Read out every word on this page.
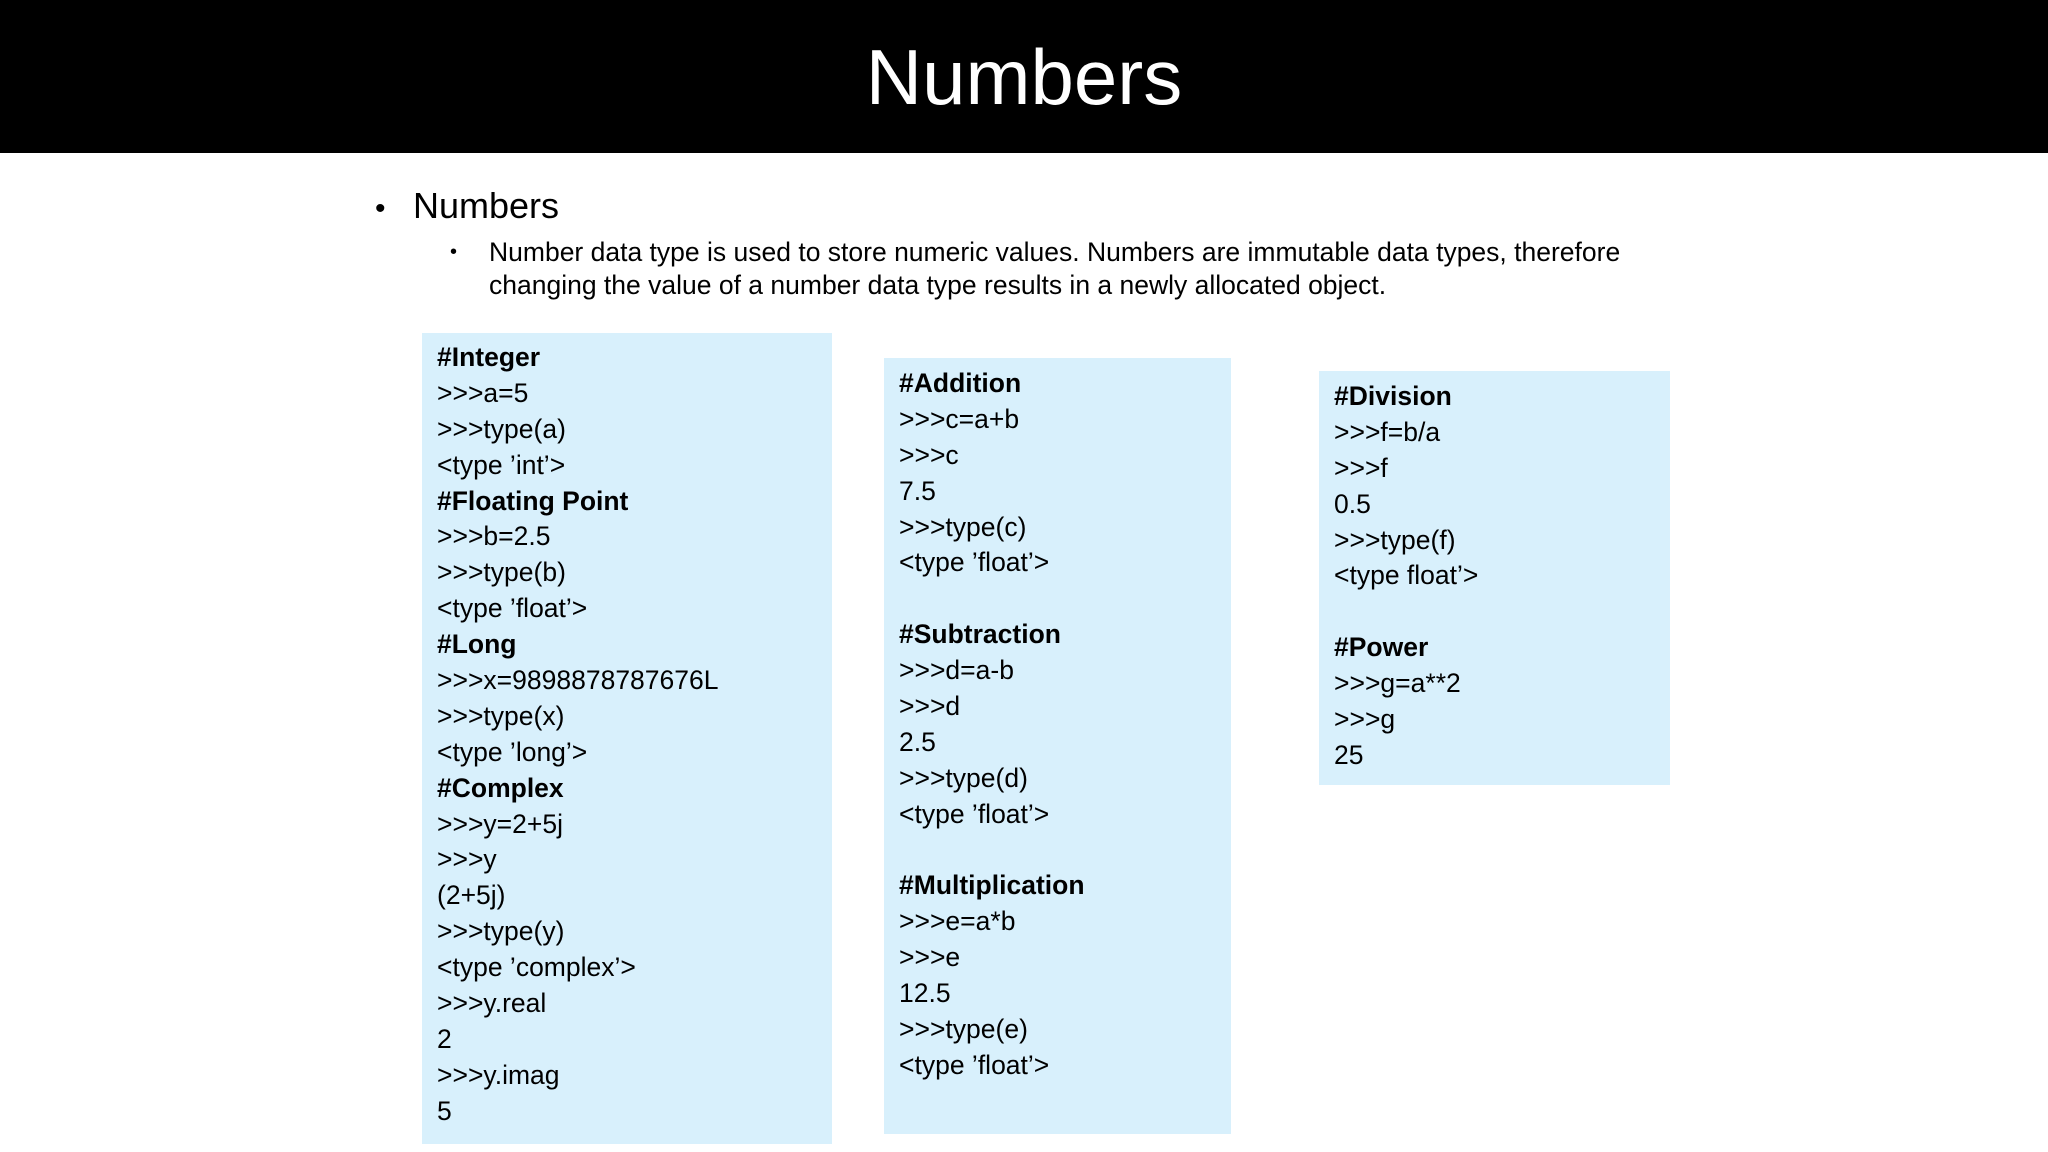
Numbers
• Numbers
• Number data type is used to store numeric values. Numbers are immutable data types, therefore changing the value of a number data type results in a newly allocated object.
#Integer
>>>a=5
>>>type(a)
<type ’int’>
#Floating Point
>>>b=2.5
>>>type(b)
<type ’float’>
#Long
>>>x=9898878787676L
>>>type(x)
<type ’long’>
#Complex
>>>y=2+5j
>>>y
(2+5j)
>>>type(y)
<type ’complex’>
>>>y.real
2
>>>y.imag
5
#Addition
>>>c=a+b
>>>c
7.5
>>>type(c)
<type ’float’>
#Subtraction
>>>d=a-b
>>>d
2.5
>>>type(d)
<type ’float’>
#Multiplication
>>>e=a*b
>>>e
12.5
>>>type(e)
<type ’float’>
#Division
>>>f=b/a
>>>f
0.5
>>>type(f)
<type float’>
#Power
>>>g=a**2
>>>g
25
